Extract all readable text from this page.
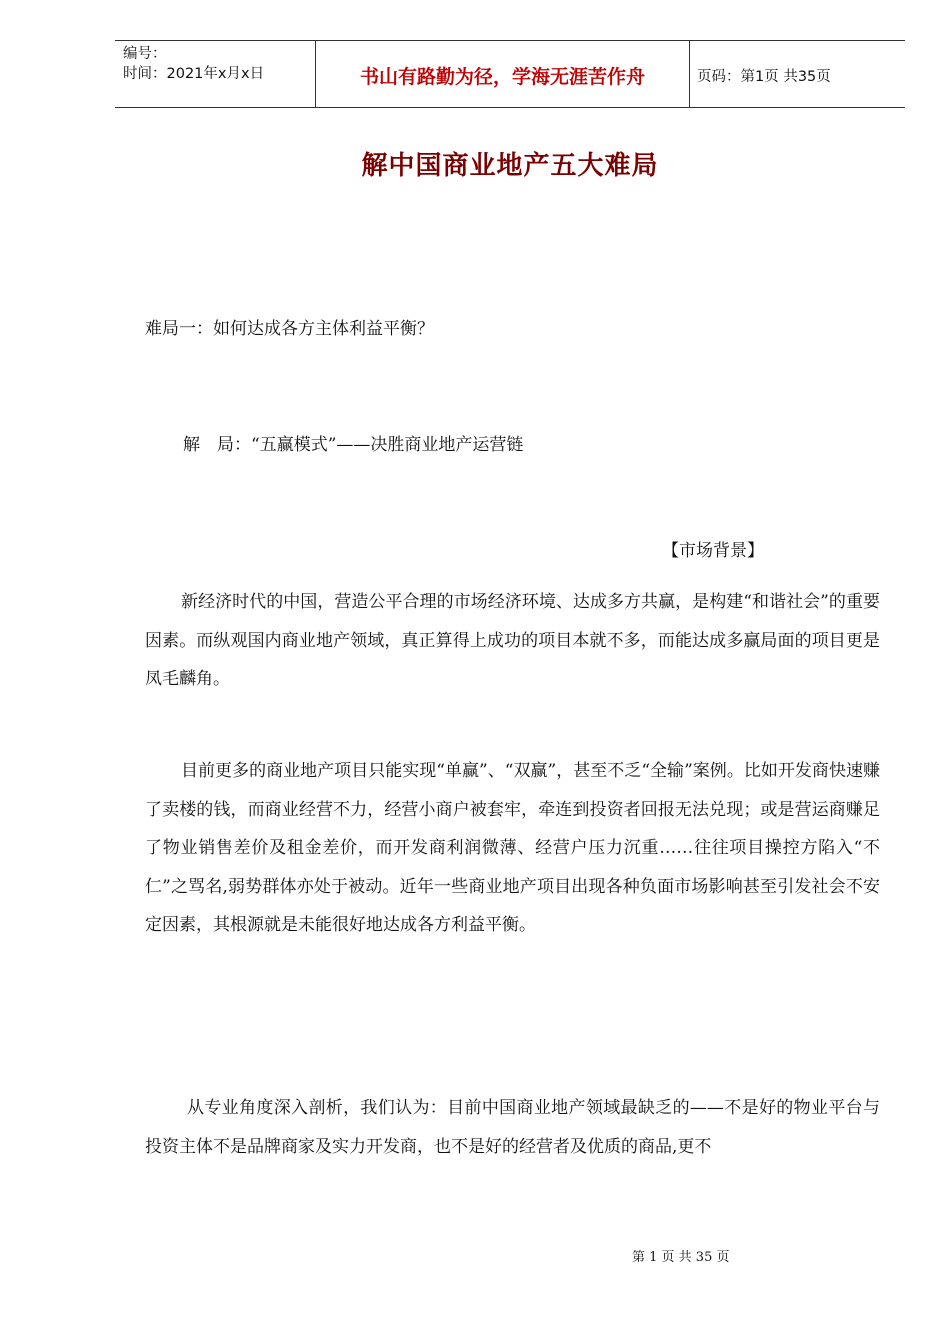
编号：
时间：2021年x月x日	书山有路勤为径，学海无涯苦作舟	页码：第1页 共35页
解中国商业地产五大难局
难局一：如何达成各方主体利益平衡？
解　局：“五赢模式”——决胜商业地产运营链
【市场背景】
新经济时代的中国，营造公平合理的市场经济环境、达成多方共赢，是构建“和谐社会”的重要因素。而纵观国内商业地产领域，真正算得上成功的项目本就不多，而能达成多赢局面的项目更是凤毛麟角。
目前更多的商业地产项目只能实现“单赢”、“双赢”，甚至不乏“全输”案例。比如开发商快速赚了卖楼的钱，而商业经营不力，经营小商户被套牢，牵连到投资者回报无法兑现；或是营运商赚足了物业销售差价及租金差价，而开发商利润微薄、经营户压力沉重……往往项目操控方陷入“不仁”之骂名,弱势群体亦处于被动。近年一些商业地产项目出现各种负面市场影响甚至引发社会不安定因素，其根源就是未能很好地达成各方利益平衡。
从专业角度深入剖析，我们认为：目前中国商业地产领域最缺乏的——不是好的物业平台与投资主体不是品牌商家及实力开发商，也不是好的经营者及优质的商品,更不
第 1 页 共 35 页
